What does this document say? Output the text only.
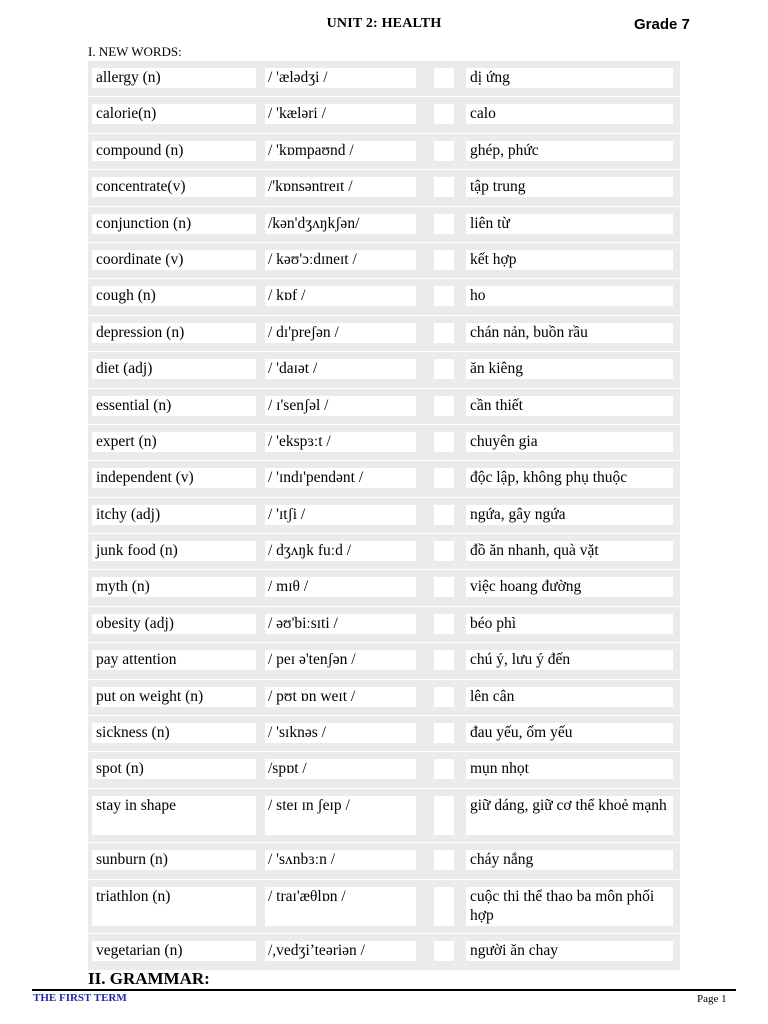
UNIT 2: HEALTH	Grade 7
I. NEW WORDS:
allergy (n)	/ 'ælədʒi /	dị ứng
calorie(n)	/ 'kæləri /	calo
compound (n)	/ 'kɒmpaʊnd /	ghép, phức
concentrate(v)	/'kɒnsəntreɪt /	tập trung
conjunction (n)	/kən'dʒʌŋkʃən/	liên từ
coordinate (v)	/ kəʊ'ɔːdɪneɪt /	kết hợp
cough (n)	/ kɒf /	ho
depression (n)	/ dɪ'preʃən /	chán nản, buồn rầu
diet (adj)	/ 'daɪət /	ăn kiêng
essential (n)	/ ɪ'senʃəl /	cần thiết
expert (n)	/ 'ekspɜːt /	chuyên gia
independent (v)	/ 'ɪndɪ'pendənt /	độc lập, không phụ thuộc
itchy (adj)	/ 'ɪtʃi /	ngứa, gây ngứa
junk food (n)	/ dʒʌŋk fuːd /	đồ ăn nhanh, quà vặt
myth (n)	/ mɪθ /	việc hoang đường
obesity (adj)	/ əʊ'biːsɪti /	béo phì
pay attention	/ peɪ ə'tenʃən /	chú ý, lưu ý đến
put on weight (n)	/ pʊt ɒn weɪt /	lên cân
sickness (n)	/ 'sɪknəs /	đau yếu, ốm yếu
spot (n)	/spɒt /	mụn nhọt
stay in shape	/ steɪ ɪn ʃeɪp /	giữ dáng, giữ cơ thể khoẻ mạnh
sunburn (n)	/ 'sʌnbɜːn /	cháy nắng
triathlon (n)	/ traɪ'æθlɒn /	cuộc thi thể thao ba môn phối hợp
vegetarian (n)	/,vedʒi’teəriən /	người ăn chay
II. GRAMMAR:
THE FIRST TERM	Page 1
